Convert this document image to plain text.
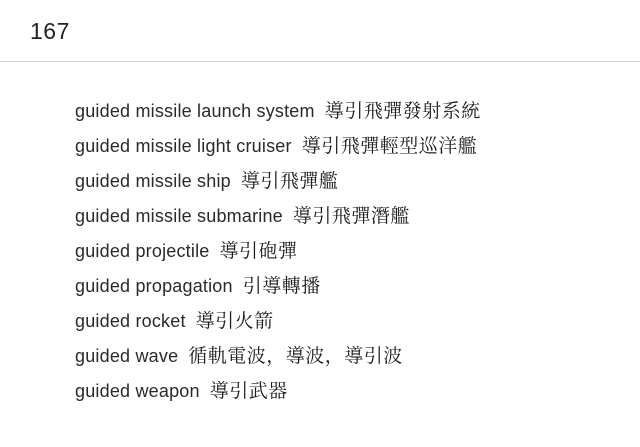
167
guided missile launch system 導引飛彈發射系統
guided missile light cruiser 導引飛彈輕型巡洋艦
guided missile ship 導引飛彈艦
guided missile submarine 導引飛彈潛艦
guided projectile 導引砲彈
guided propagation 引導轉播
guided rocket 導引火箭
guided wave 循軌電波，導波，導引波
guided weapon 導引武器
